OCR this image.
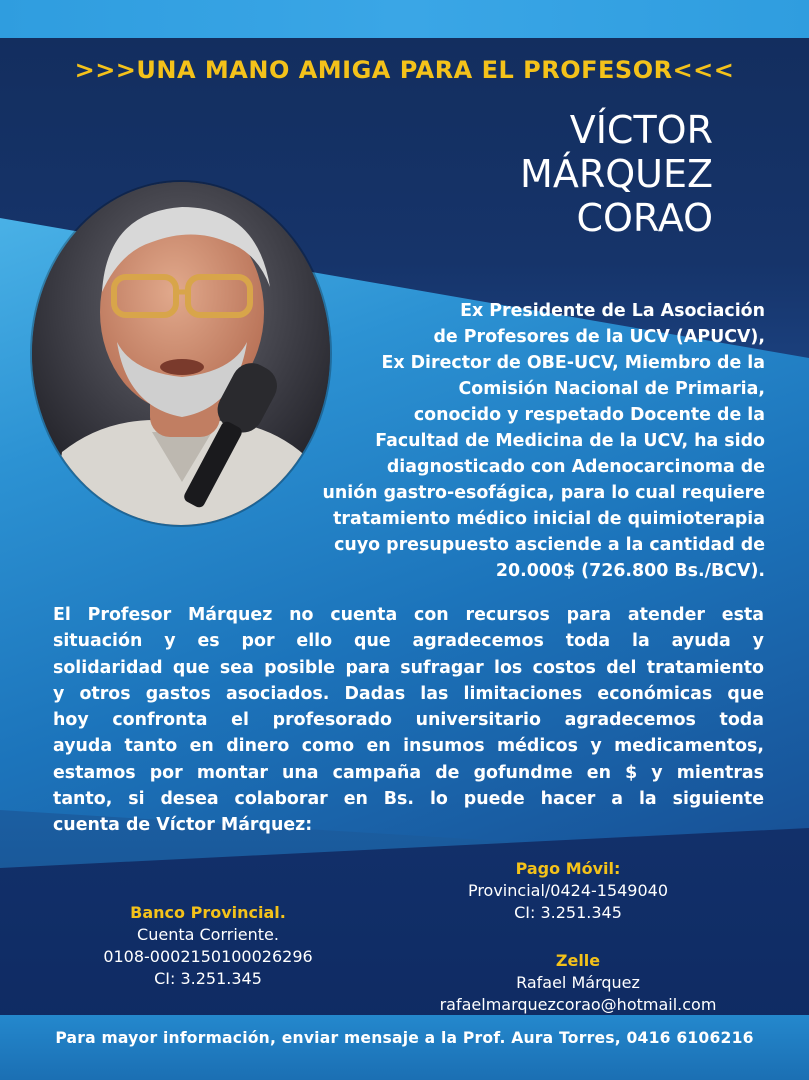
>>>UNA MANO AMIGA PARA EL PROFESOR<<<
VÍCTOR
MÁRQUEZ
CORAO
Ex Presidente de La Asociación
de Profesores de la UCV (APUCV),
Ex Director de OBE-UCV, Miembro de la
Comisión Nacional de Primaria,
conocido y respetado Docente de la
Facultad de Medicina de la UCV, ha sido
diagnosticado con Adenocarcinoma de
unión gastro-esofágica, para lo cual requiere
tratamiento médico inicial de quimioterapia
cuyo presupuesto asciende a la cantidad de
20.000$ (726.800 Bs./BCV).
El Profesor Márquez no cuenta con recursos para atender esta
situación y es por ello que agradecemos toda la ayuda y
solidaridad que sea posible para sufragar los costos del tratamiento
y otros gastos asociados. Dadas las limitaciones económicas que
hoy confronta el profesorado universitario agradecemos toda
ayuda tanto en dinero como en insumos médicos y medicamentos,
estamos por montar una campaña de gofundme en $ y mientras
tanto, si desea colaborar en Bs. lo puede hacer a la siguiente
cuenta de Víctor Márquez:
Pago Móvil:
Provincial/0424-1549040
CI: 3.251.345
Banco Provincial.
Cuenta Corriente.
0108-0002150100026296
CI: 3.251.345
Zelle
Rafael Márquez
rafaelmarquezcorao@hotmail.com
Para mayor información, enviar mensaje a la Prof. Aura Torres, 0416 6106216
